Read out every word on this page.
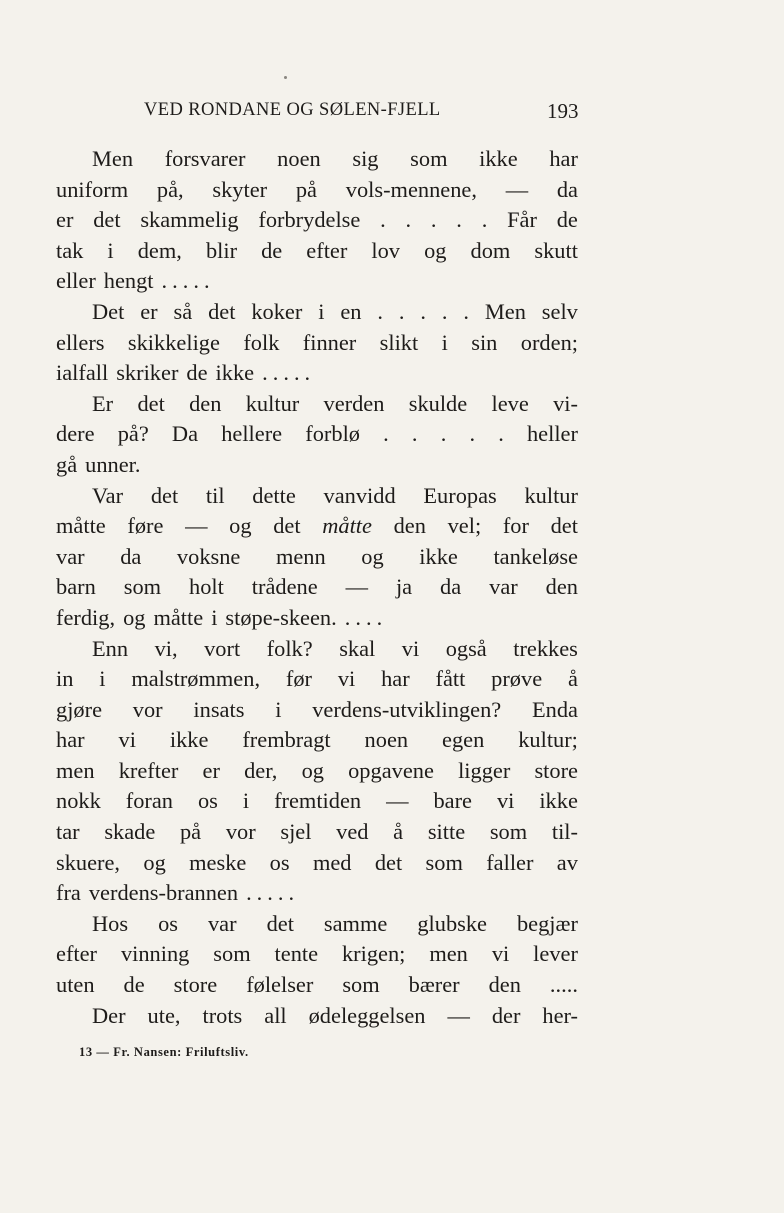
VED RONDANE OG SØLEN-FJELL	193
Men forsvarer noen sig som ikke har
uniform på, skyter på vols-mennene, — da
er det skammelig forbrydelse . . . . . Får de
tak i dem, blir de efter lov og dom skutt
eller hengt . . . . .
Det er så det koker i en . . . . . Men selv
ellers skikkelige folk finner slikt i sin orden;
ialfall skriker de ikke . . . . .
Er det den kultur verden skulde leve vi-
dere på? Da hellere forblø . . . . . heller
gå unner.
Var det til dette vanvidd Europas kultur
måtte føre — og det måtte den vel; for det
var da voksne menn og ikke tankeløse
barn som holt trådene — ja da var den
ferdig, og måtte i støpe-skeen. . . . .
Enn vi, vort folk? skal vi også trekkes
in i malstrømmen, før vi har fått prøve å
gjøre vor insats i verdens-utviklingen? Enda
har vi ikke frembragt noen egen kultur;
men krefter er der, og opgavene ligger store
nokk foran os i fremtiden — bare vi ikke
tar skade på vor sjel ved å sitte som til-
skuere, og meske os med det som faller av
fra verdens-brannen . . . . .
Hos os var det samme glubske begjær
efter vinning som tente krigen; men vi lever
uten de store følelser som bærer den .....
Der ute, trots all ødeleggelsen — der her-
13 — Fr. Nansen: Friluftsliv.
